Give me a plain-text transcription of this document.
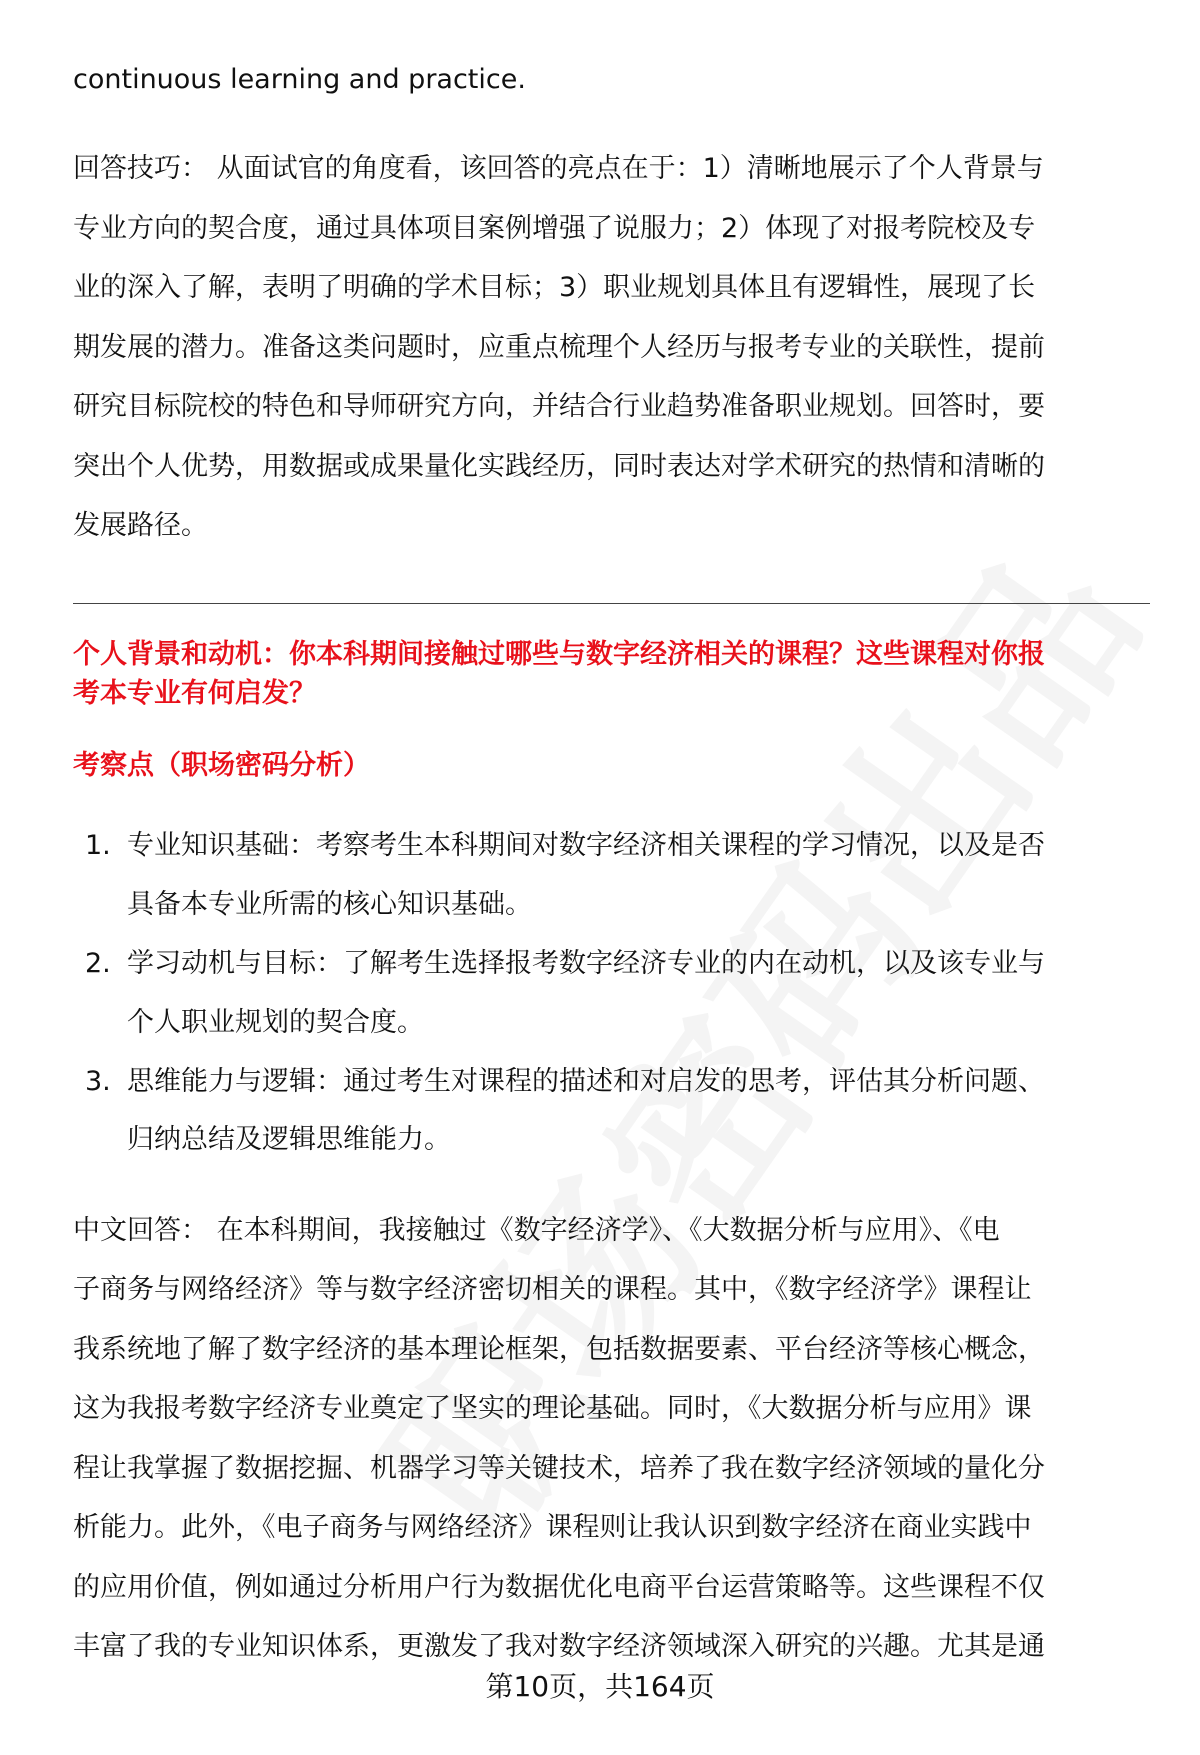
continuous learning and practice.
回答技巧： 从面试官的角度看，该回答的亮点在于：1）清晰地展示了个人背景与
专业方向的契合度，通过具体项目案例增强了说服力；2）体现了对报考院校及专
业的深入了解，表明了明确的学术目标；3）职业规划具体且有逻辑性，展现了长
期发展的潜力。准备这类问题时，应重点梳理个人经历与报考专业的关联性，提前
研究目标院校的特色和导师研究方向，并结合行业趋势准备职业规划。回答时，要
突出个人优势，用数据或成果量化实践经历，同时表达对学术研究的热情和清晰的
发展路径。
个人背景和动机：你本科期间接触过哪些与数字经济相关的课程？这些课程对你报
考本专业有何启发？
考察点（职场密码分析）
1. 专业知识基础：考察考生本科期间对数字经济相关课程的学习情况，以及是否
具备本专业所需的核心知识基础。
2. 学习动机与目标：了解考生选择报考数字经济专业的内在动机，以及该专业与
个人职业规划的契合度。
3. 思维能力与逻辑：通过考生对课程的描述和对启发的思考，评估其分析问题、
归纳总结及逻辑思维能力。
中文回答： 在本科期间，我接触过《数字经济学》、《大数据分析与应用》、《电
子商务与网络经济》等与数字经济密切相关的课程。其中，《数字经济学》课程让
我系统地了解了数字经济的基本理论框架，包括数据要素、平台经济等核心概念，
这为我报考数字经济专业奠定了坚实的理论基础。同时，《大数据分析与应用》课
程让我掌握了数据挖掘、机器学习等关键技术，培养了我在数字经济领域的量化分
析能力。此外，《电子商务与网络经济》课程则让我认识到数字经济在商业实践中
的应用价值，例如通过分析用户行为数据优化电商平台运营策略等。这些课程不仅
丰富了我的专业知识体系，更激发了我对数字经济领域深入研究的兴趣。尤其是通
第10页，共164页
